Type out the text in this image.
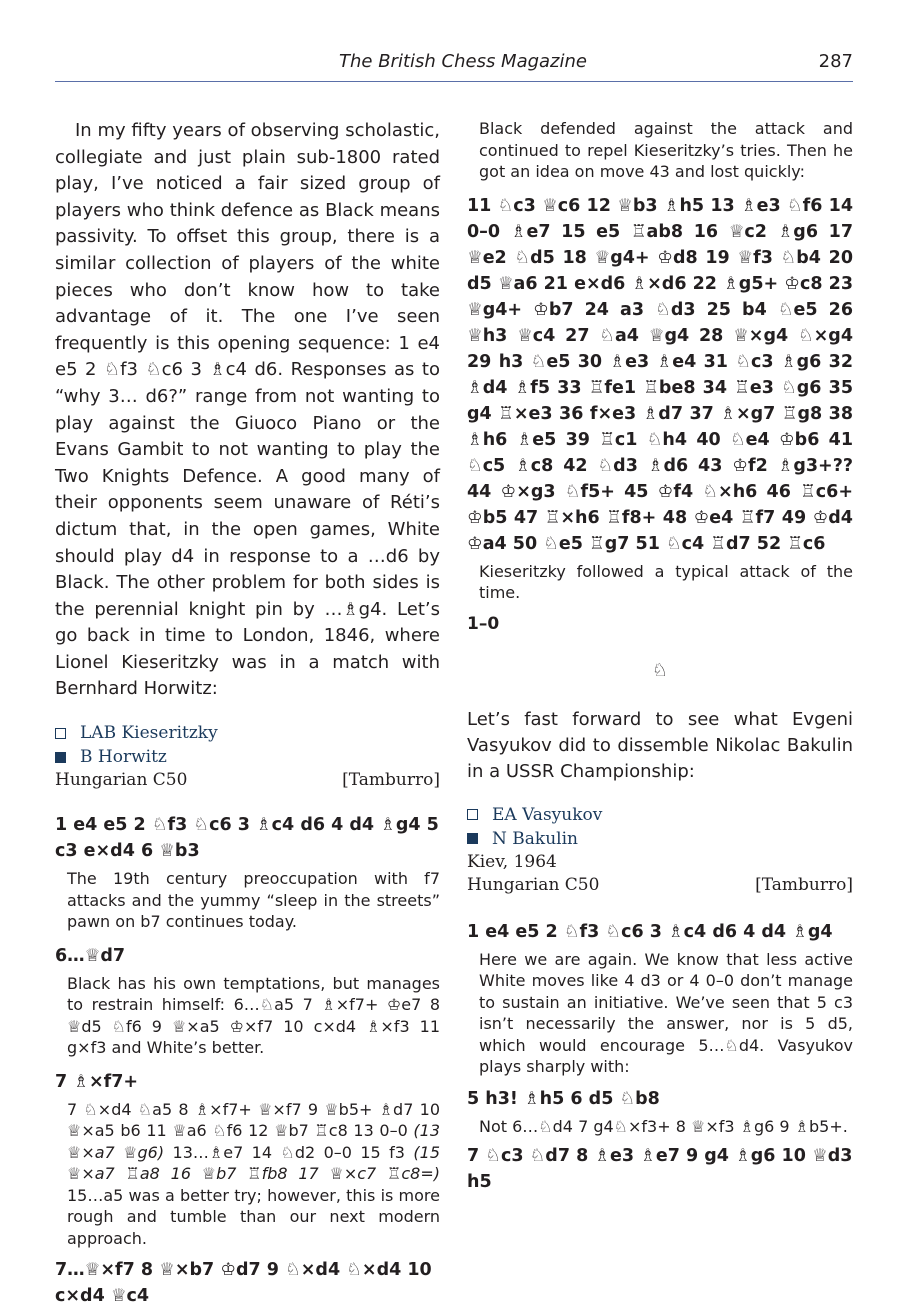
The British Chess Magazine	287

In my fifty years of observing scholastic, collegiate and just plain sub-1800 rated play, I’ve noticed a fair sized group of players who think defence as Black means passivity. To offset this group, there is a similar collection of players of the white pieces who don’t know how to take advantage of it. The one I’ve seen frequently is this opening sequence: 1 e4 e5 2 ♘f3 ♘c6 3 ♗c4 d6. Responses as to “why 3… d6?” range from not wanting to play against the Giuoco Piano or the Evans Gambit to not wanting to play the Two Knights Defence. A good many of their opponents seem unaware of Réti’s dictum that, in the open games, White should play d4 in response to a …d6 by Black. The other problem for both sides is the perennial knight pin by …♗g4. Let’s go back in time to London, 1846, where Lionel Kieseritzky was in a match with Bernhard Horwitz:

LAB Kieseritzky
B Horwitz
Hungarian C50	[Tamburro]

1 e4 e5 2 ♘f3 ♘c6 3 ♗c4 d6 4 d4 ♗g4 5 c3 e×d4 6 ♕b3

The 19th century preoccupation with f7 attacks and the yummy “sleep in the streets” pawn on b7 continues today.

6…♕d7

Black has his own temptations, but manages to restrain himself: 6…♘a5 7 ♗×f7+ ♔e7 8 ♕d5 ♘f6 9 ♕×a5 ♔×f7 10 c×d4 ♗×f3 11 g×f3 and White’s better.

7 ♗×f7+

7 ♘×d4 ♘a5 8 ♗×f7+ ♕×f7 9 ♕b5+ ♗d7 10 ♕×a5 b6 11 ♕a6 ♘f6 12 ♕b7 ♖c8 13 0–0 (13 ♕×a7 ♕g6) 13…♗e7 14 ♘d2 0–0 15 f3 (15 ♕×a7 ♖a8 16 ♕b7 ♖fb8 17 ♕×c7 ♖c8=) 15…a5 was a better try; however, this is more rough and tumble than our next modern approach.

7…♕×f7 8 ♕×b7 ♔d7 9 ♘×d4 ♘×d4 10 c×d4 ♕c4

Black defended against the attack and continued to repel Kieseritzky’s tries. Then he got an idea on move 43 and lost quickly:

11 ♘c3 ♕c6 12 ♕b3 ♗h5 13 ♗e3 ♘f6 14 0–0 ♗e7 15 e5 ♖ab8 16 ♕c2 ♗g6 17 ♕e2 ♘d5 18 ♕g4+ ♔d8 19 ♕f3 ♘b4 20 d5 ♕a6 21 e×d6 ♗×d6 22 ♗g5+ ♔c8 23 ♕g4+ ♔b7 24 a3 ♘d3 25 b4 ♘e5 26 ♕h3 ♕c4 27 ♘a4 ♕g4 28 ♕×g4 ♘×g4 29 h3 ♘e5 30 ♗e3 ♗e4 31 ♘c3 ♗g6 32 ♗d4 ♗f5 33 ♖fe1 ♖be8 34 ♖e3 ♘g6 35 g4 ♖×e3 36 f×e3 ♗d7 37 ♗×g7 ♖g8 38 ♗h6 ♗e5 39 ♖c1 ♘h4 40 ♘e4 ♔b6 41 ♘c5 ♗c8 42 ♘d3 ♗d6 43 ♔f2 ♗g3+?? 44 ♔×g3 ♘f5+ 45 ♔f4 ♘×h6 46 ♖c6+ ♔b5 47 ♖×h6 ♖f8+ 48 ♔e4 ♖f7 49 ♔d4 ♔a4 50 ♘e5 ♖g7 51 ♘c4 ♖d7 52 ♖c6

Kieseritzky followed a typical attack of the time.

1–0

♘

Let’s fast forward to see what Evgeni Vasyukov did to dissemble Nikolac Bakulin in a USSR Championship:

EA Vasyukov
N Bakulin
Kiev, 1964
Hungarian C50	[Tamburro]

1 e4 e5 2 ♘f3 ♘c6 3 ♗c4 d6 4 d4 ♗g4

Here we are again. We know that less active White moves like 4 d3 or 4 0–0 don’t manage to sustain an initiative. We’ve seen that 5 c3 isn’t necessarily the answer, nor is 5 d5, which would encourage 5…♘d4. Vasyukov plays sharply with:

5 h3! ♗h5 6 d5 ♘b8

Not 6…♘d4 7 g4♘×f3+ 8 ♕×f3 ♗g6 9 ♗b5+.

7 ♘c3 ♘d7 8 ♗e3 ♗e7 9 g4 ♗g6 10 ♕d3 h5
